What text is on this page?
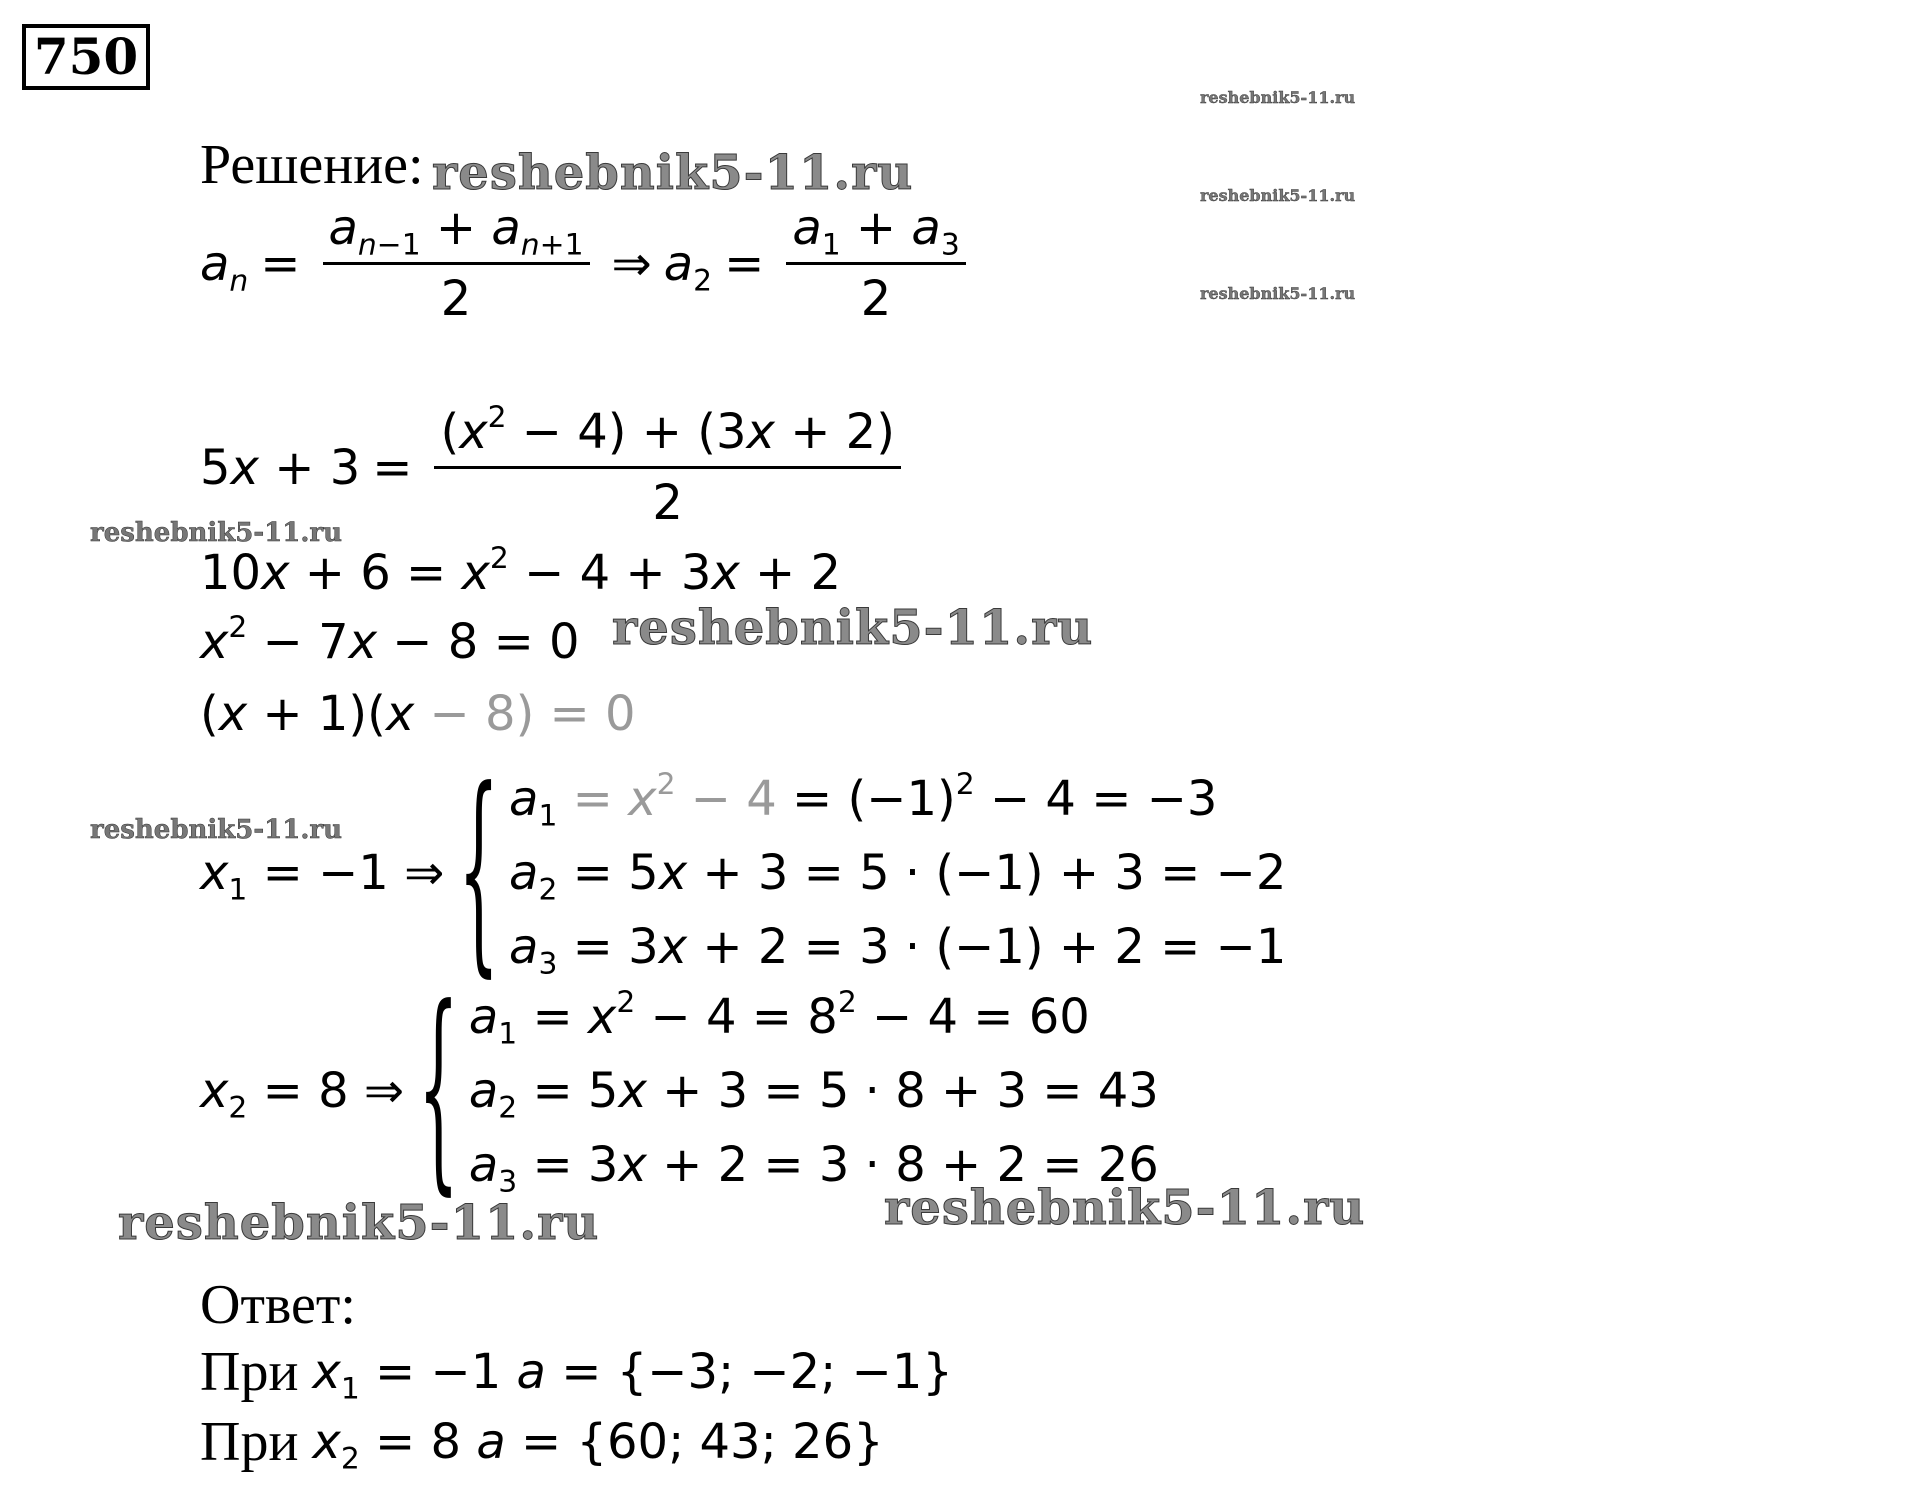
750
reshebnik5-11.ru
reshebnik5-11.ru
reshebnik5-11.ru
Решение: reshebnik5-11.ru
$a_n = \frac{a_{n-1} + a_{n+1}}{2}$ ⇒ $a_2 = \frac{a_1 + a_3}{2}$
$5x + 3 = \frac{(x^2 - 4) + (3x + 2)}{2}$
reshebnik5-11.ru
$10x + 6 = x^2 - 4 + 3x + 2$
$x^2 - 7x - 8 = 0$ reshebnik5-11.ru
(x + 1)(x − 8) = 0
reshebnik5-11.ru
$x_1 = -1$ ⇒ { $a_1 = x^2 - 4 = (-1)^2 - 4 = -3$
$a_2 = 5x + 3 = 5 \cdot (-1) + 3 = -2$
$a_3 = 3x + 2 = 3 \cdot (-1) + 2 = -1$
$x_2 = 8$ ⇒ { $a_1 = x^2 - 4 = 8^2 - 4 = 60$
$a_2 = 5x + 3 = 5 \cdot 8 + 3 = 43$
$a_3 = 3x + 2 = 3 \cdot 8 + 2 = 26$
reshebnik5-11.ru	reshebnik5-11.ru
Ответ:
При $x_1 = -1$ a = {−3; −2; −1}
При $x_2 = 8$ a = {60; 43; 26}
